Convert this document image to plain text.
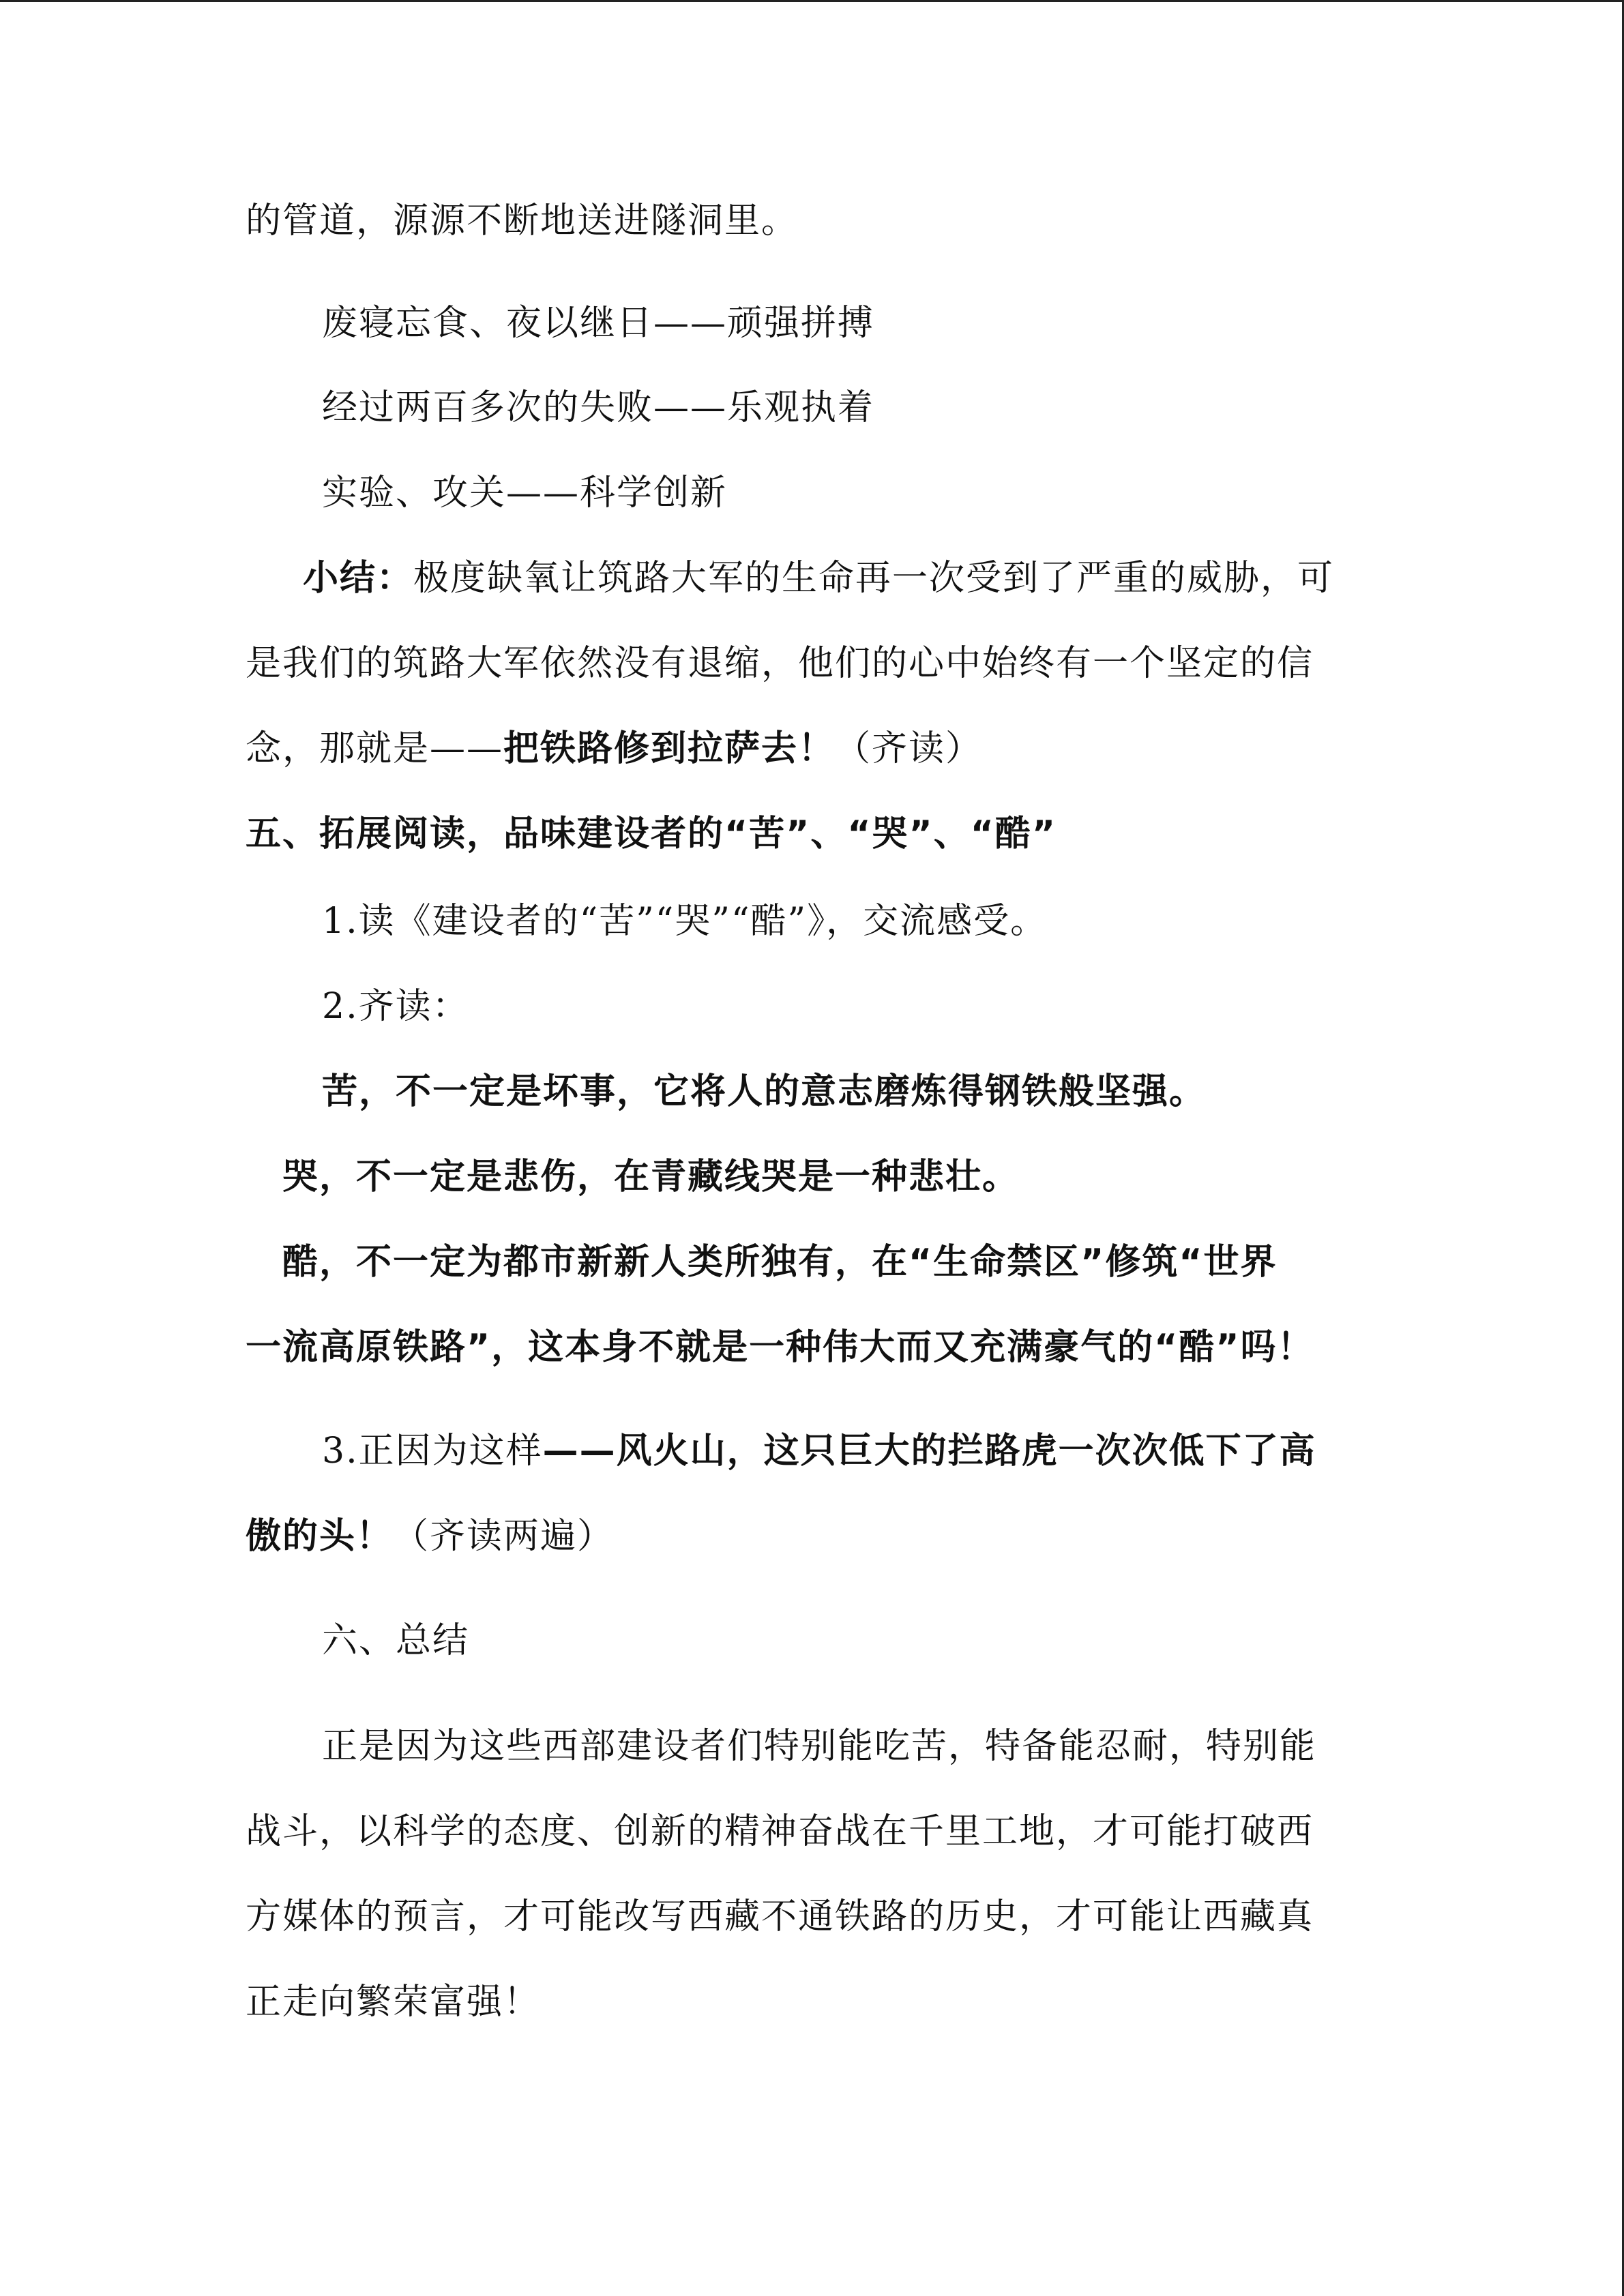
的管道，源源不断地送进隧洞里。
废寝忘食、夜以继日——顽强拼搏
经过两百多次的失败——乐观执着
实验、攻关——科学创新
小结：极度缺氧让筑路大军的生命再一次受到了严重的威胁，可
是我们的筑路大军依然没有退缩，他们的心中始终有一个坚定的信
念，那就是——把铁路修到拉萨去！（齐读）
五、拓展阅读，品味建设者的“苦”、“哭”、“酷”
1.读《建设者的“苦”“哭”“酷”》，交流感受。
2.齐读：
苦，不一定是坏事，它将人的意志磨炼得钢铁般坚强。
哭，不一定是悲伤，在青藏线哭是一种悲壮。
酷，不一定为都市新新人类所独有，在“生命禁区”修筑“世界
一流高原铁路”，这本身不就是一种伟大而又充满豪气的“酷”吗！
3.正因为这样——风火山，这只巨大的拦路虎一次次低下了高
傲的头！（齐读两遍）
六、总结
正是因为这些西部建设者们特别能吃苦，特备能忍耐，特别能
战斗，以科学的态度、创新的精神奋战在千里工地，才可能打破西
方媒体的预言，才可能改写西藏不通铁路的历史，才可能让西藏真
正走向繁荣富强！
